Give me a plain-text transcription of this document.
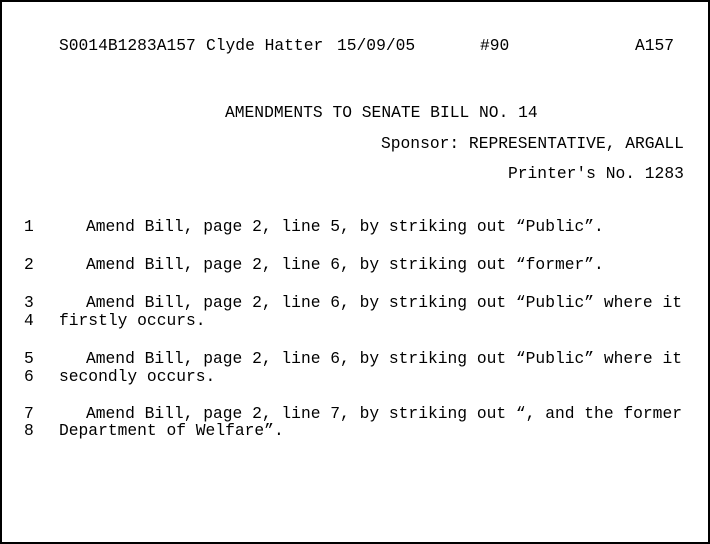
S0014B1283A157 Clyde Hatter 15/09/05	#90	A157
AMENDMENTS TO SENATE BILL NO. 14
Sponsor: REPRESENTATIVE, ARGALL
Printer's No. 1283
1	Amend Bill, page 2, line 5, by striking out “Public”.
2	Amend Bill, page 2, line 6, by striking out “former”.
3	Amend Bill, page 2, line 6, by striking out “Public” where it
4 firstly occurs.
5	Amend Bill, page 2, line 6, by striking out “Public” where it
6 secondly occurs.
7	Amend Bill, page 2, line 7, by striking out “, and the former
8 Department of Welfare”.
